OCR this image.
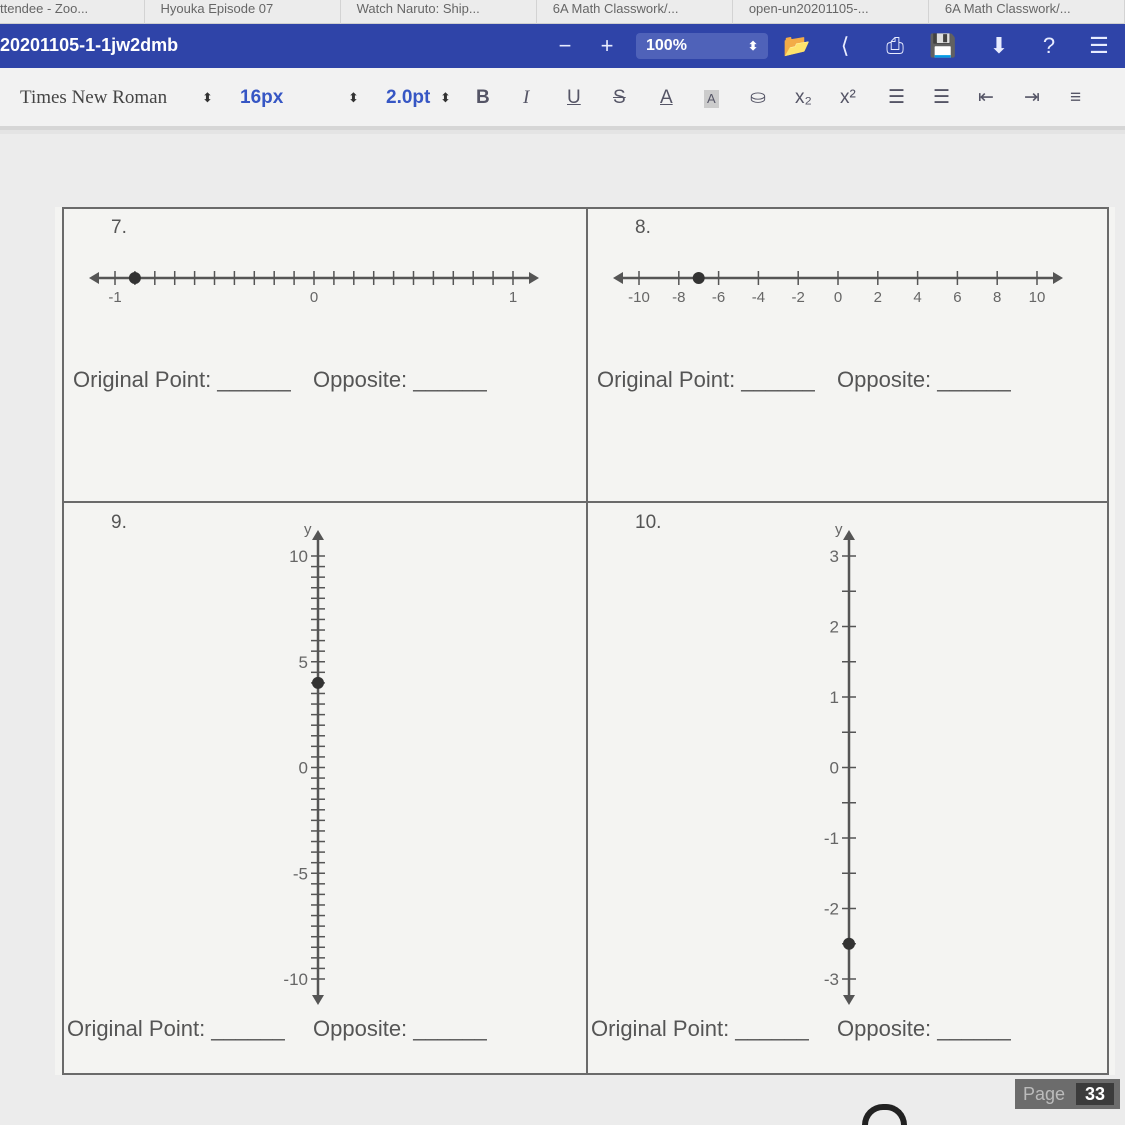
ttendee - Zoo...	Hyouka Episode 07	Watch Naruto: Ship...	6A Math Classwork/...	open-un20201105-...	6A Math Classwork/...
20201105-1-1jw2dmb	−	+	100%	⬍ 📂	⟨	⎙ 💾 ⬇	?	☰
Times New Roman	⬍ 16px	⬍ 2.0pt ⬍ B I U S A	A ⛀ x₂ x² ☰ ☰ ⇤ ⇥ ≡
7.
-1	0	1
Original Point: ______ Opposite: ______
8.
-10 -8 -6 -4 -2 0 2 4 6 8 10
Original Point: ______ Opposite: ______
9.	y
10
5
0
-5
-10
Original Point: ______ Opposite: ______
10.	y
3
2
1
0
-1
-2
-3
Original Point: ______ Opposite: ______
Page	33
